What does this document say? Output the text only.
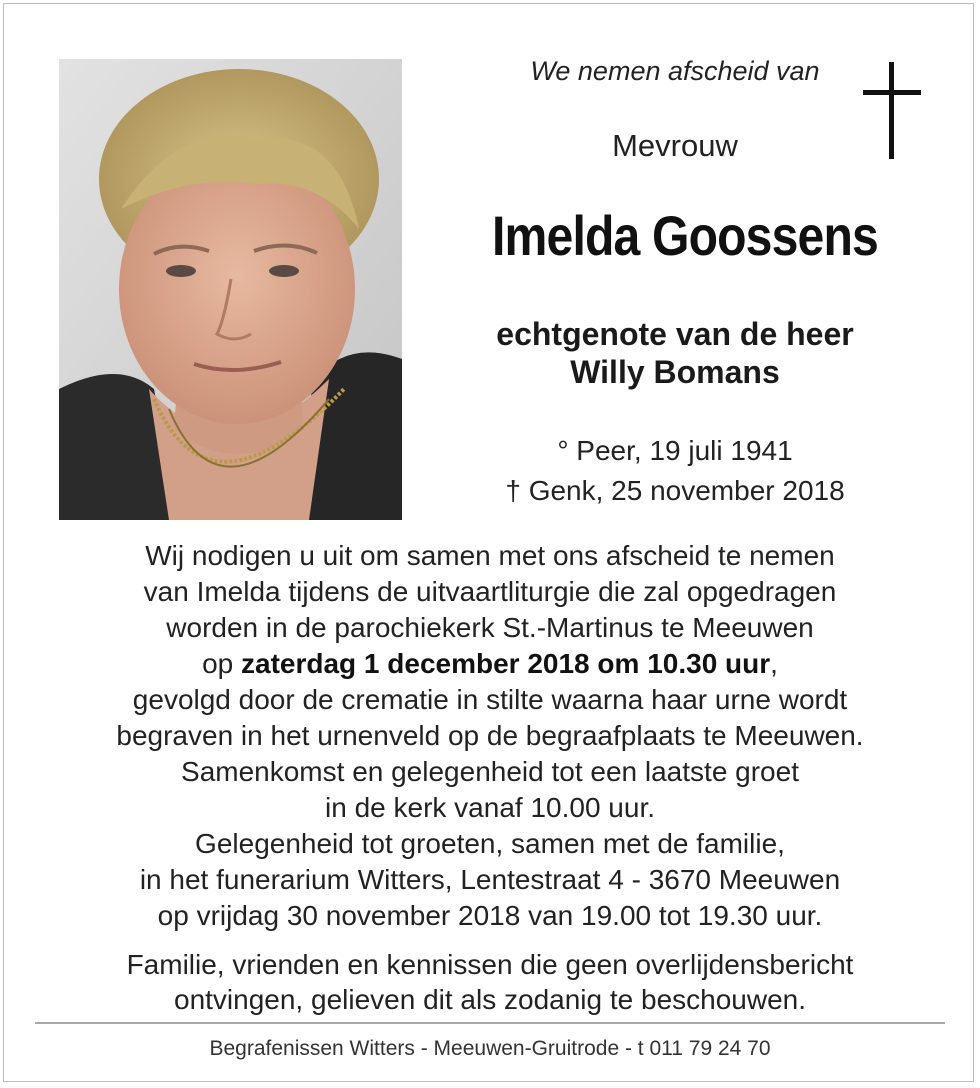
We nemen afscheid van
Mevrouw
Imelda Goossens
echtgenote van de heer
Willy Bomans
° Peer, 19 juli 1941
† Genk, 25 november 2018
Wij nodigen u uit om samen met ons afscheid te nemen
van Imelda tijdens de uitvaartliturgie die zal opgedragen
worden in de parochiekerk St.-Martinus te Meeuwen
op zaterdag 1 december 2018 om 10.30 uur,
gevolgd door de crematie in stilte waarna haar urne wordt
begraven in het urnenveld op de begraafplaats te Meeuwen.
Samenkomst en gelegenheid tot een laatste groet
in de kerk vanaf 10.00 uur.
Gelegenheid tot groeten, samen met de familie,
in het funerarium Witters, Lentestraat 4 - 3670 Meeuwen
op vrijdag 30 november 2018 van 19.00 tot 19.30 uur.
Familie, vrienden en kennissen die geen overlijdensbericht
ontvingen, gelieven dit als zodanig te beschouwen.
Begrafenissen Witters - Meeuwen-Gruitrode - t 011 79 24 70
